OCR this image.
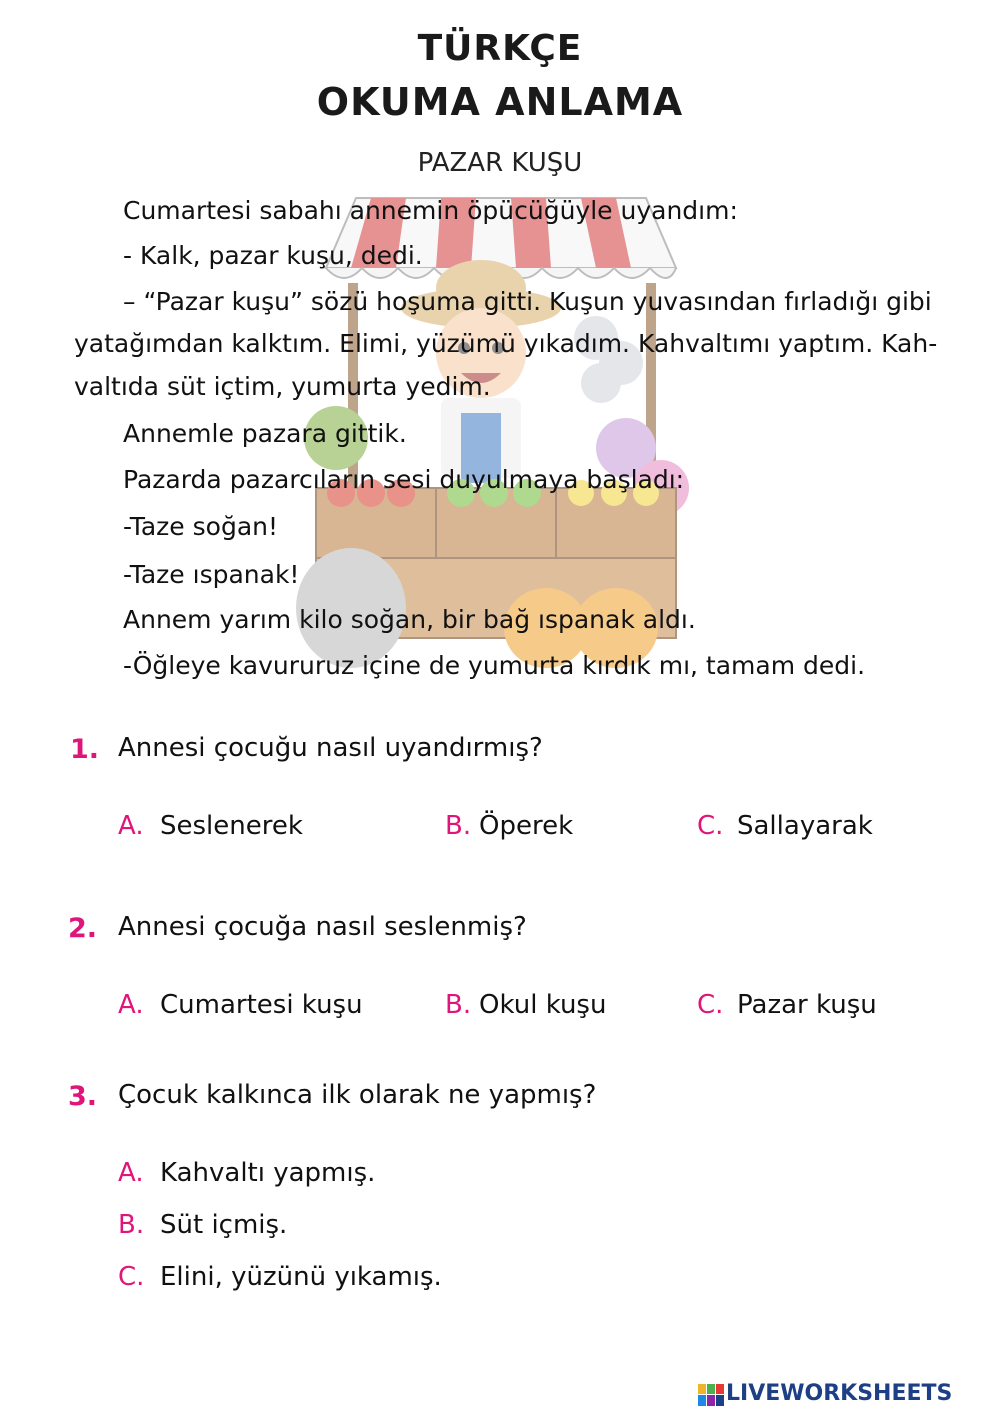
TÜRKÇE
OKUMA ANLAMA
PAZAR KUŞU
Cumartesi sabahı annemin öpücüğüyle uyandım:
- Kalk, pazar kuşu, dedi.
– “Pazar kuşu” sözü hoşuma gitti. Kuşun yuvasından fırladığı gibi
yatağımdan kalktım. Elimi, yüzümü yıkadım. Kahvaltımı yaptım. Kah-
valtıda süt içtim, yumurta yedim.
Annemle pazara gittik.
Pazarda pazarcıların sesi duyulmaya başladı:
-Taze soğan!
-Taze ıspanak!
Annem yarım kilo soğan, bir bağ ıspanak aldı.
-Öğleye kavururuz içine de yumurta kırdık mı, tamam dedi.
1. Annesi çocuğu nasıl uyandırmış?
A. Seslenerek	B. Öperek	C. Sallayarak
2. Annesi çocuğa nasıl seslenmiş?
A. Cumartesi kuşu	B. Okul kuşu	C. Pazar kuşu
3. Çocuk kalkınca ilk olarak ne yapmış?
A. Kahvaltı yapmış.
B. Süt içmiş.
C. Elini, yüzünü yıkamış.
LIVEWORKSHEETS
